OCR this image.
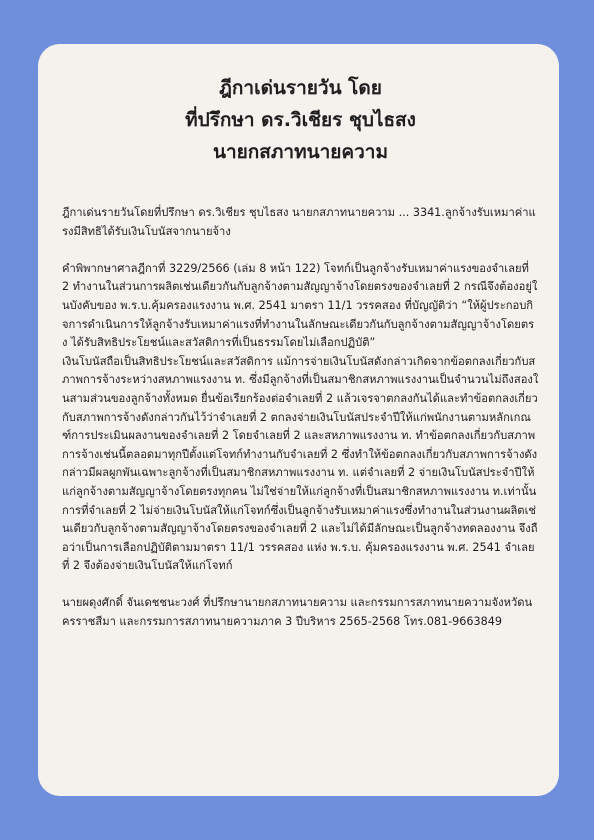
ฎีกาเด่นรายวัน โดย
ที่ปรึกษา ดร.วิเชียร ชุบไธสง
นายกสภาทนายความ

ฎีกาเด่นรายวันโดยที่ปรึกษา ดร.วิเชียร ชุบไธสง นายกสภาทนายความ ... 3341.ลูกจ้างรับเหมาค่าแรงมีสิทธิได้รับเงินโบนัสจากนายจ้าง

คำพิพากษาศาลฎีกาที่ 3229/2566 (เล่ม 8 หน้า 122) โจทก์เป็นลูกจ้างรับเหมาค่าแรงของจำเลยที่ 2 ทำงานในส่วนการผลิตเช่นเดียวกันกับลูกจ้างตามสัญญาจ้างโดยตรงของจำเลยที่ 2 กรณีจึงต้องอยู่ในบังคับของ พ.ร.บ.คุ้มครองแรงงาน พ.ศ. 2541 มาตรา 11/1 วรรคสอง ที่บัญญัติว่า “ให้ผู้ประกอบกิจการดำเนินการให้ลูกจ้างรับเหมาค่าแรงที่ทำงานในลักษณะเดียวกันกับลูกจ้างตามสัญญาจ้างโดยตรง ได้รับสิทธิประโยชน์และสวัสดิการที่เป็นธรรมโดยไม่เลือกปฏิบัติ”

เงินโบนัสถือเป็นสิทธิประโยชน์และสวัสดิการ แม้การจ่ายเงินโบนัสดังกล่าวเกิดจากข้อตกลงเกี่ยวกับสภาพการจ้างระหว่างสหภาพแรงงาน ท. ซึ่งมีลูกจ้างที่เป็นสมาชิกสหภาพแรงงานเป็นจำนวนไม่ถึงสองในสามส่วนของลูกจ้างทั้งหมด ยื่นข้อเรียกร้องต่อจำเลยที่ 2 แล้วเจรจาตกลงกันได้และทำข้อตกลงเกี่ยวกับสภาพการจ้างดังกล่าวกันไว้ว่าจำเลยที่ 2 ตกลงจ่ายเงินโบนัสประจำปีให้แก่พนักงานตามหลักเกณฑ์การประเมินผลงานของจำเลยที่ 2 โดยจำเลยที่ 2 และสหภาพแรงงาน ท. ทำข้อตกลงเกี่ยวกับสภาพการจ้างเช่นนี้ตลอดมาทุกปีตั้งแต่โจทก์ทำงานกับจำเลยที่ 2 ซึ่งทำให้ข้อตกลงเกี่ยวกับสภาพการจ้างดังกล่าวมีผลผูกพันเฉพาะลูกจ้างที่เป็นสมาชิกสหภาพแรงงาน ท. แต่จำเลยที่ 2 จ่ายเงินโบนัสประจำปีให้แก่ลูกจ้างตามสัญญาจ้างโดยตรงทุกคน ไม่ใช่จ่ายให้แก่ลูกจ้างที่เป็นสมาชิกสหภาพแรงงาน ท.เท่านั้น การที่จำเลยที่ 2 ไม่จ่ายเงินโบนัสให้แก่โจทก์ซึ่งเป็นลูกจ้างรับเหมาค่าแรงซึ่งทำงานในส่วนงานผลิตเช่นเดียวกับลูกจ้างตามสัญญาจ้างโดยตรงของจำเลยที่ 2 และไม่ได้มีลักษณะเป็นลูกจ้างทดลองงาน จึงถือว่าเป็นการเลือกปฏิบัติตามมาตรา 11/1 วรรคสอง แห่ง พ.ร.บ. คุ้มครองแรงงาน พ.ศ. 2541 จำเลยที่ 2 จึงต้องจ่ายเงินโบนัสให้แก่โจทก์

นายผดุงศักดิ์ จันเดชชนะวงศ์ ที่ปรึกษานายกสภาทนายความ และกรรมการสภาทนายความจังหวัดนครราชสีมา และกรรมการสภาทนายความภาค 3 ปีบริหาร 2565-2568 โทร.081-9663849
